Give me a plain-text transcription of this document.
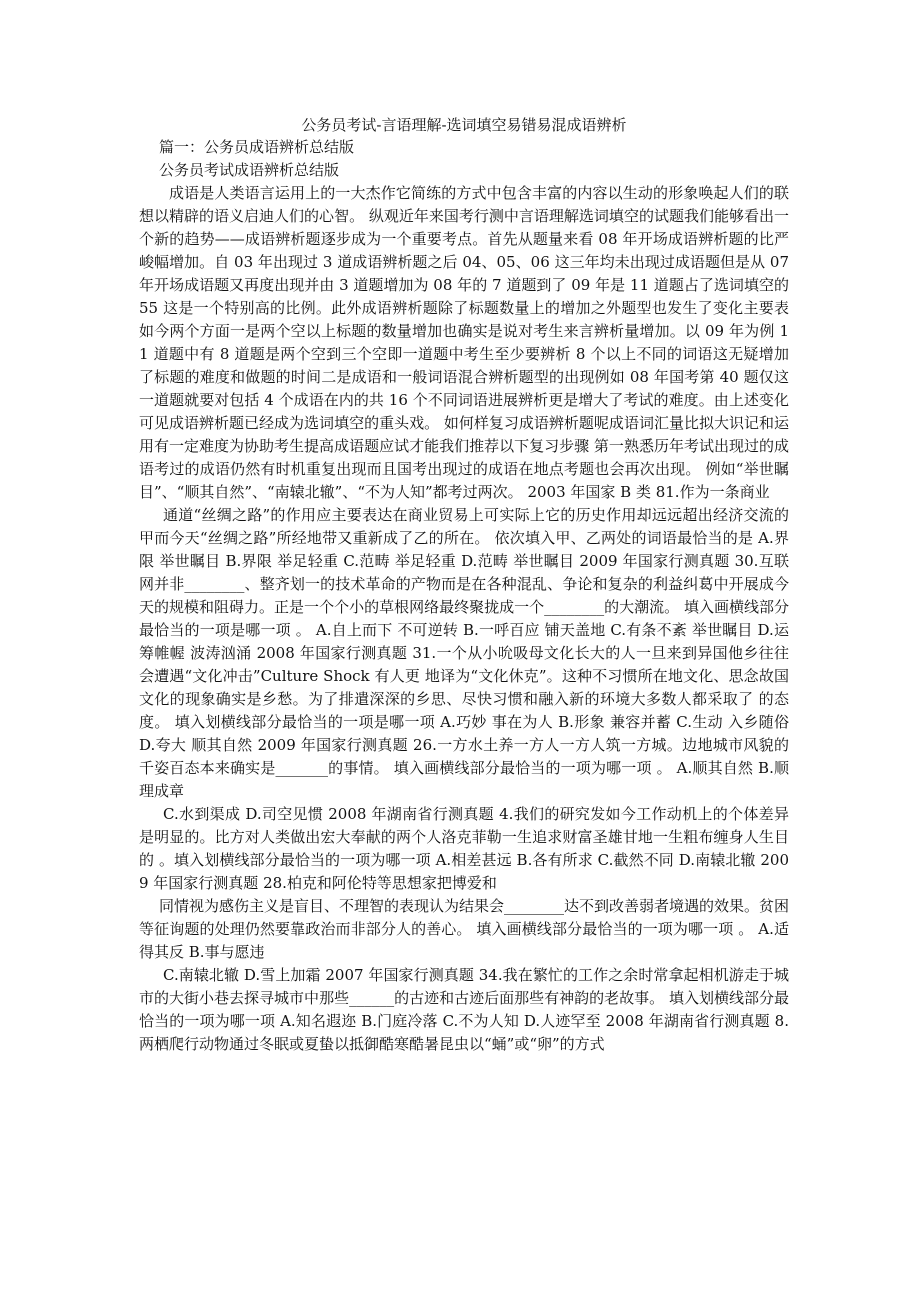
公务员考试-言语理解-选词填空易错易混成语辨析

篇一：公务员成语辨析总结版

公务员考试成语辨析总结版

成语是人类语言运用上的一大杰作它简练的方式中包含丰富的内容以生动的形象唤起人们的联想以精辟的语义启迪人们的心智。 纵观近年来国考行测中言语理解选词填空的试题我们能够看出一个新的趋势——成语辨析题逐步成为一个重要考点。首先从题量来看 08 年开场成语辨析题的比严峻幅增加。自 03 年出现过 3 道成语辨析题之后 04、05、06 这三年均未出现过成语题但是从 07 年开场成语题又再度出现并由 3 道题增加为 08 年的 7 道题到了 09 年是 11 道题占了选词填空的 55 这是一个特别高的比例。此外成语辨析题除了标题数量上的增加之外题型也发生了变化主要表如今两个方面一是两个空以上标题的数量增加也确实是说对考生来言辨析量增加。以 09 年为例 11 道题中有 8 道题是两个空到三个空即一道题中考生至少要辨析 8 个以上不同的词语这无疑增加了标题的难度和做题的时间二是成语和一般词语混合辨析题型的出现例如 08 年国考第 40 题仅这一道题就要对包括 4 个成语在内的共 16 个不同词语进展辨析更是增大了考试的难度。由上述变化可见成语辨析题已经成为选词填空的重头戏。 如何样复习成语辨析题呢成语词汇量比拟大识记和运用有一定难度为协助考生提高成语题应试才能我们推荐以下复习步骤 第一熟悉历年考试出现过的成语考过的成语仍然有时机重复出现而且国考出现过的成语在地点考题也会再次出现。 例如“举世瞩目”、“顺其自然”、“南辕北辙”、“不为人知”都考过两次。 2003 年国家 B 类 81.作为一条商业

通道“丝绸之路”的作用应主要表达在商业贸易上可实际上它的历史作用却远远超出经济交流的甲而今天“丝绸之路”所经地带又重新成了乙的所在。 依次填入甲、乙两处的词语最恰当的是 A.界限 举世瞩目 B.界限 举足轻重 C.范畴 举足轻重 D.范畴 举世瞩目 2009 年国家行测真题 30.互联网并非________、整齐划一的技术革命的产物而是在各种混乱、争论和复杂的利益纠葛中开展成今天的规模和阻碍力。正是一个个小的草根网络最终聚拢成一个________的大潮流。 填入画横线部分最恰当的一项是哪一项 。 A.自上而下 不可逆转 B.一呼百应 铺天盖地 C.有条不紊 举世瞩目 D.运筹帷幄 波涛汹涌 2008 年国家行测真题 31.一个从小吮吸母文化长大的人一旦来到异国他乡往往会遭遇“文化冲击”Culture Shock 有人更 地译为“文化休克”。这种不习惯所在地文化、思念故国文化的现象确实是乡愁。为了排遣深深的乡思、尽快习惯和融入新的环境大多数人都采取了 的态度。 填入划横线部分最恰当的一项是哪一项 A.巧妙 事在为人 B.形象 兼容并蓄 C.生动 入乡随俗 D.夸大 顺其自然 2009 年国家行测真题 26.一方水土养一方人一方人筑一方城。边地城市风貌的千姿百态本来确实是_______的事情。 填入画横线部分最恰当的一项为哪一项 。 A.顺其自然 B.顺理成章

C.水到渠成 D.司空见惯 2008 年湖南省行测真题 4.我们的研究发如今工作动机上的个体差异是明显的。比方对人类做出宏大奉献的两个人洛克菲勒一生追求财富圣雄甘地一生粗布缠身人生目的 。填入划横线部分最恰当的一项为哪一项 A.相差甚远 B.各有所求 C.截然不同 D.南辕北辙 2009 年国家行测真题 28.柏克和阿伦特等思想家把博爱和

同情视为感伤主义是盲目、不理智的表现认为结果会________达不到改善弱者境遇的效果。贫困等征询题的处理仍然要靠政治而非部分人的善心。 填入画横线部分最恰当的一项为哪一项 。 A.适得其反 B.事与愿违

C.南辕北辙 D.雪上加霜 2007 年国家行测真题 34.我在繁忙的工作之余时常拿起相机游走于城市的大街小巷去探寻城市中那些______的古迹和古迹后面那些有神韵的老故事。 填入划横线部分最恰当的一项为哪一项 A.知名遐迩 B.门庭冷落 C.不为人知 D.人迹罕至 2008 年湖南省行测真题 8.两栖爬行动物通过冬眠或夏蛰以抵御酷寒酷暑昆虫以“蛹”或“卵”的方式
